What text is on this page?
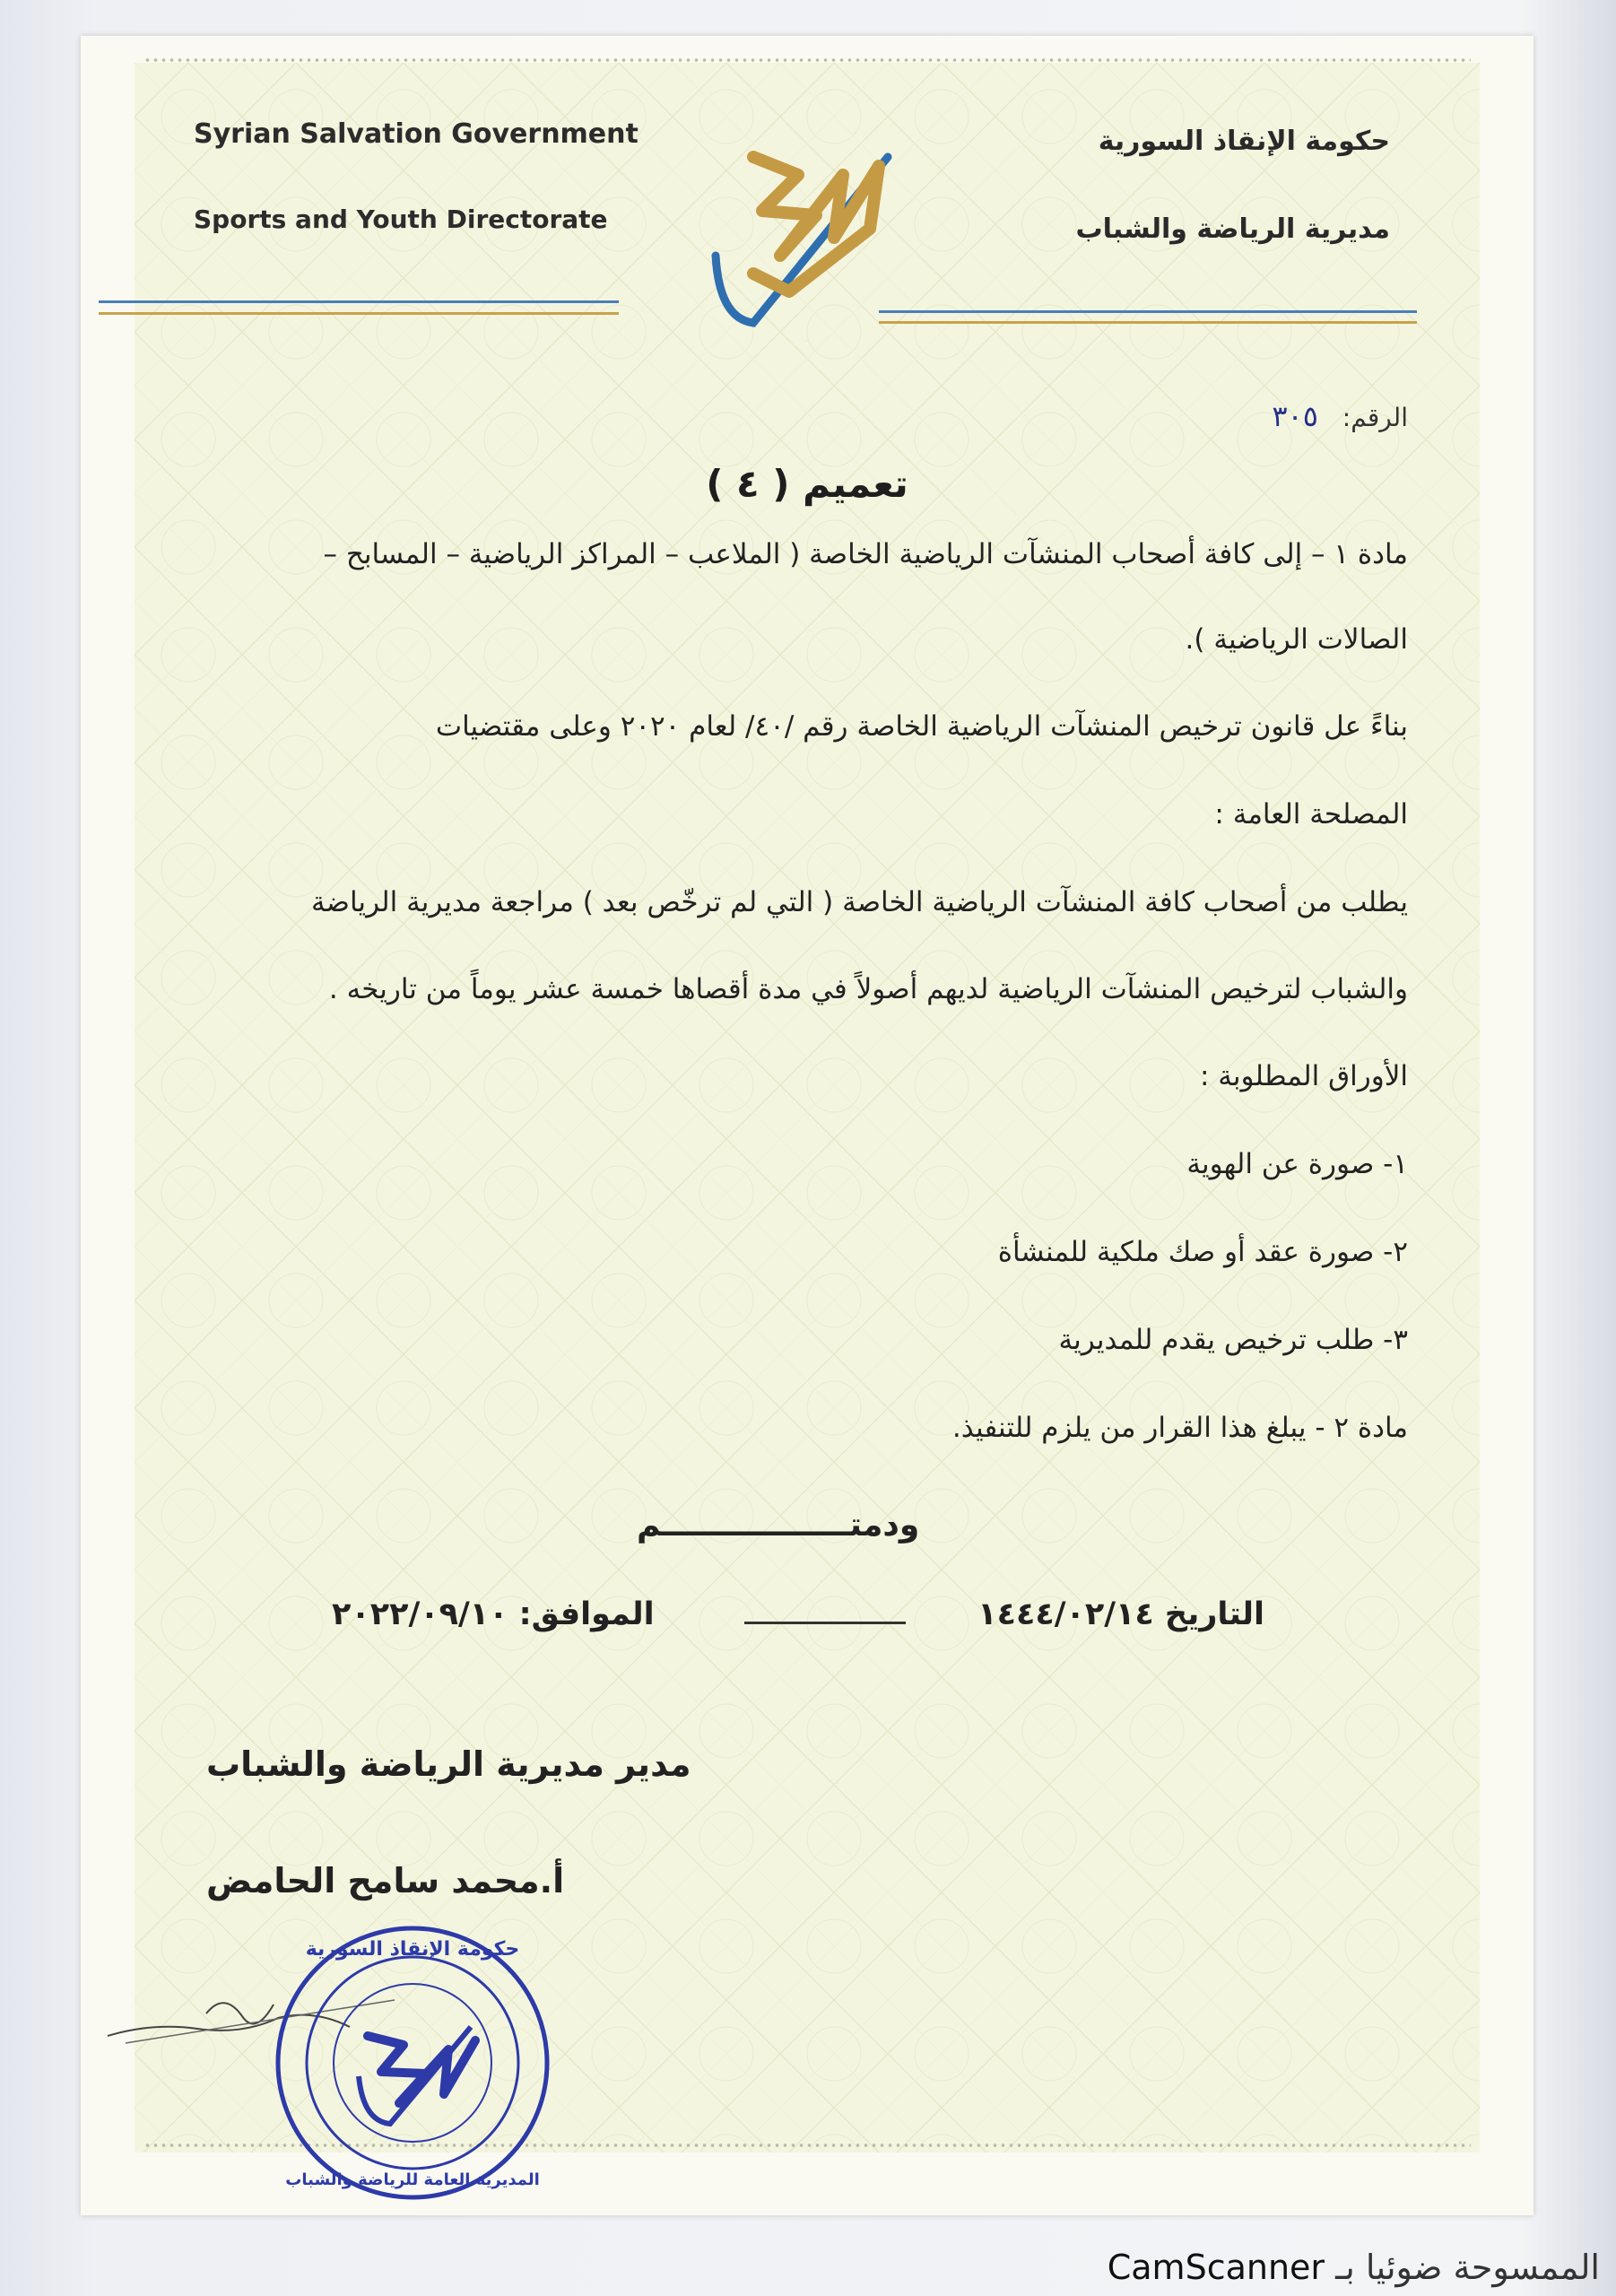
Syrian Salvation Government
Sports and Youth Directorate
حكومة الإنقاذ السورية
مديرية الرياضة والشباب
سوريا
الرقم: ٣٠٥
تعميم ( ٤ )
مادة ١ – إلى كافة أصحاب المنشآت الرياضية الخاصة ( الملاعب – المراكز الرياضية – المسابح –
الصالات الرياضية ).
بناءً عل قانون ترخيص المنشآت الرياضية الخاصة رقم /٤٠/ لعام ٢٠٢٠ وعلى مقتضيات
المصلحة العامة :
يطلب من أصحاب كافة المنشآت الرياضية الخاصة ( التي لم ترخّص بعد ) مراجعة مديرية الرياضة
والشباب لترخيص المنشآت الرياضية لديهم أصولاً في مدة أقصاها خمسة عشر يوماً من تاريخه .
الأوراق المطلوبة :
١- صورة عن الهوية
٢- صورة عقد أو صك ملكية للمنشأة
٣- طلب ترخيص يقدم للمديرية
مادة ٢ - يبلغ هذا القرار من يلزم للتنفيذ.
ودمتـــــــــــــــــم
التاريخ ١٤٤٤/٠٢/١٤
الموافق: ٢٠٢٢/٠٩/١٠
مدير مديرية الرياضة والشباب
أ.محمد سامح الحامض
حكومة الإنقاذ السورية
المديرية العامة للرياضة والشباب
سوريا
CamScanner الممسوحة ضوئيا بـ
